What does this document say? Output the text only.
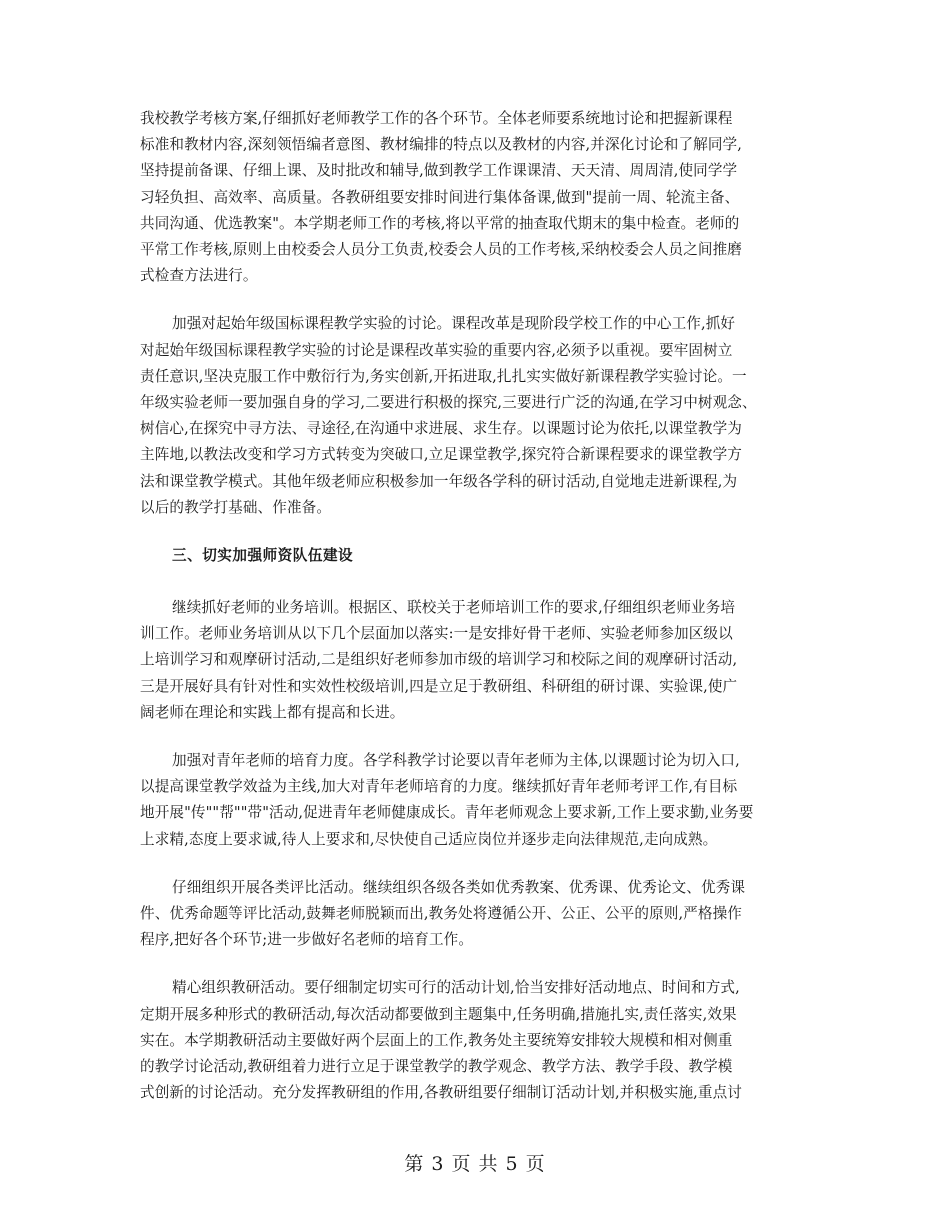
我校教学考核方案,仔细抓好老师教学工作的各个环节。全体老师要系统地讨论和把握新课程
标准和教材内容,深刻领悟编者意图、教材编排的特点以及教材的内容,并深化讨论和了解同学,
坚持提前备课、仔细上课、及时批改和辅导,做到教学工作课课清、天天清、周周清,使同学学
习轻负担、高效率、高质量。各教研组要安排时间进行集体备课,做到"提前一周、轮流主备、
共同沟通、优选教案"。本学期老师工作的考核,将以平常的抽查取代期末的集中检查。老师的
平常工作考核,原则上由校委会人员分工负责,校委会人员的工作考核,采纳校委会人员之间推磨
式检查方法进行。

加强对起始年级国标课程教学实验的讨论。课程改革是现阶段学校工作的中心工作,抓好
对起始年级国标课程教学实验的讨论是课程改革实验的重要内容,必须予以重视。要牢固树立
责任意识,坚决克服工作中敷衍行为,务实创新,开拓进取,扎扎实实做好新课程教学实验讨论。一
年级实验老师一要加强自身的学习,二要进行积极的探究,三要进行广泛的沟通,在学习中树观念、
树信心,在探究中寻方法、寻途径,在沟通中求进展、求生存。以课题讨论为依托,以课堂教学为
主阵地,以教法改变和学习方式转变为突破口,立足课堂教学,探究符合新课程要求的课堂教学方
法和课堂教学模式。其他年级老师应积极参加一年级各学科的研讨活动,自觉地走进新课程,为
以后的教学打基础、作准备。

三、切实加强师资队伍建设

继续抓好老师的业务培训。根据区、联校关于老师培训工作的要求,仔细组织老师业务培
训工作。老师业务培训从以下几个层面加以落实:一是安排好骨干老师、实验老师参加区级以
上培训学习和观摩研讨活动,二是组织好老师参加市级的培训学习和校际之间的观摩研讨活动,
三是开展好具有针对性和实效性校级培训,四是立足于教研组、科研组的研讨课、实验课,使广
阔老师在理论和实践上都有提高和长进。

加强对青年老师的培育力度。各学科教学讨论要以青年老师为主体,以课题讨论为切入口,
以提高课堂教学效益为主线,加大对青年老师培育的力度。继续抓好青年老师考评工作,有目标
地开展"传""帮""带"活动,促进青年老师健康成长。青年老师观念上要求新,工作上要求勤,业务要
上求精,态度上要求诚,待人上要求和,尽快使自己适应岗位并逐步走向法律规范,走向成熟。

仔细组织开展各类评比活动。继续组织各级各类如优秀教案、优秀课、优秀论文、优秀课
件、优秀命题等评比活动,鼓舞老师脱颖而出,教务处将遵循公开、公正、公平的原则,严格操作
程序,把好各个环节;进一步做好名老师的培育工作。

精心组织教研活动。要仔细制定切实可行的活动计划,恰当安排好活动地点、时间和方式,
定期开展多种形式的教研活动,每次活动都要做到主题集中,任务明确,措施扎实,责任落实,效果
实在。本学期教研活动主要做好两个层面上的工作,教务处主要统筹安排较大规模和相对侧重
的教学讨论活动,教研组着力进行立足于课堂教学的教学观念、教学方法、教学手段、教学模
式创新的讨论活动。充分发挥教研组的作用,各教研组要仔细制订活动计划,并积极实施,重点讨

第 3 页 共 5 页
